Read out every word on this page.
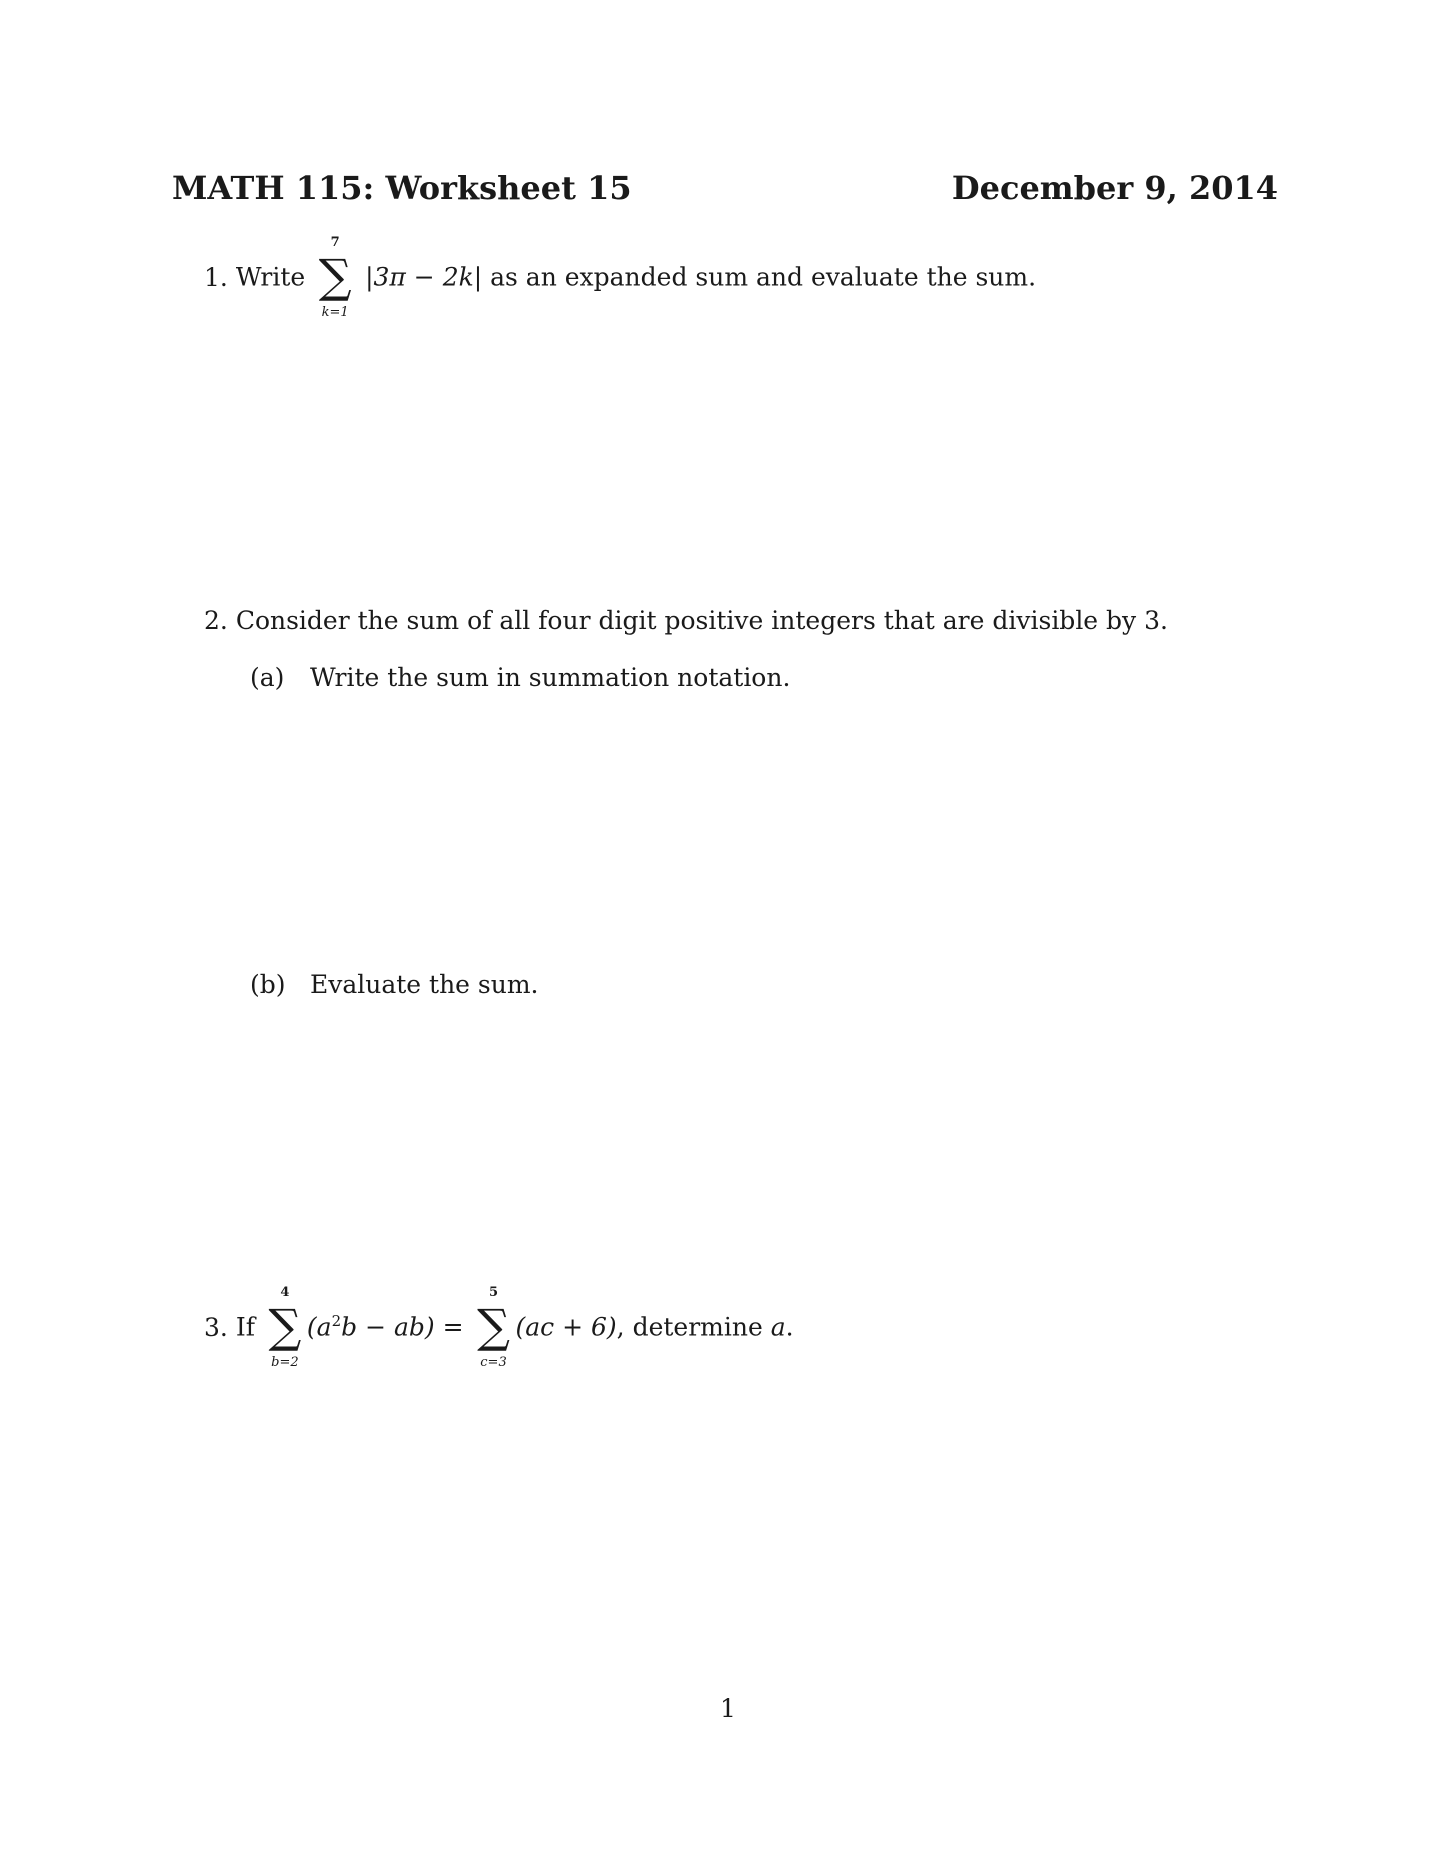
MATH 115: Worksheet 15	December 9, 2014
1. Write
7
∑
k=1
|3π − 2k| as an expanded sum and evaluate the sum.
2. Consider the sum of all four digit positive integers that are divisible by 3.
(a) Write the sum in summation notation.
(b) Evaluate the sum.
3. If
4
∑
b=2
$(a^2b - ab)$ =
5
∑
c=3
(ac + 6), determine a.
1
